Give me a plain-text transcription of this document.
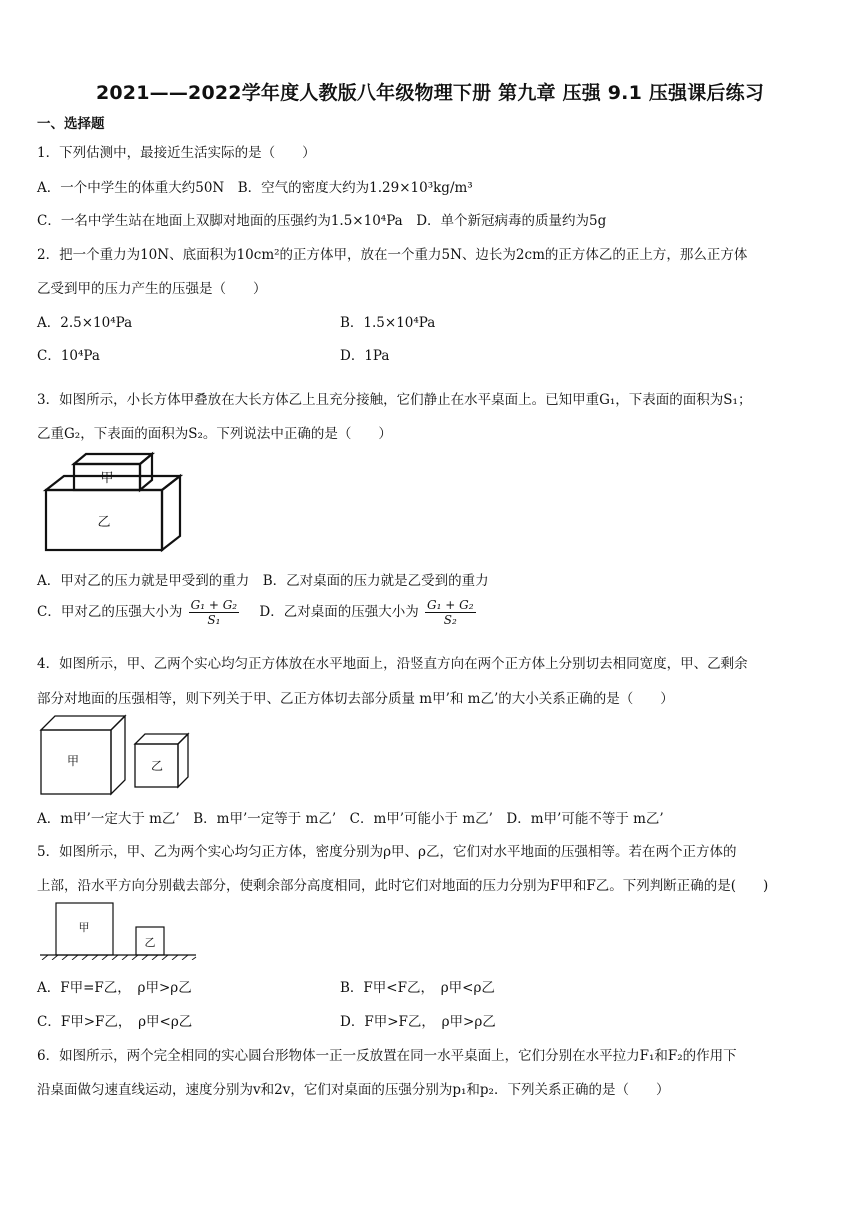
2021——2022学年度人教版八年级物理下册 第九章 压强 9.1 压强课后练习
一、选择题
1．下列估测中，最接近生活实际的是（　　）
A．一个中学生的体重大约50N　B．空气的密度大约为1.29×10³kg/m³
C．一名中学生站在地面上双脚对地面的压强约为1.5×10⁴Pa　D．单个新冠病毒的质量约为5g
2．把一个重力为10N、底面积为10cm²的正方体甲，放在一个重力5N、边长为2cm的正方体乙的正上方，那么正方体
乙受到甲的压力产生的压强是（　　）
A．2.5×10⁴Pa	B．1.5×10⁴Pa
C．10⁴Pa	D．1Pa
3．如图所示，小长方体甲叠放在大长方体乙上且充分接触，它们静止在水平桌面上。已知甲重G₁，下表面的面积为S₁；
乙重G₂，下表面的面积为S₂。下列说法中正确的是（　　）
甲
乙
A．甲对乙的压力就是甲受到的重力　B．乙对桌面的压力就是乙受到的重力
C．甲对乙的压强大小为 $\frac{\text{G₁ + G₂}}{\text{S₁}}$ D．乙对桌面的压强大小为 $\frac{\text{G₁ + G₂}}{\text{S₂}}$
4．如图所示，甲、乙两个实心均匀正方体放在水平地面上，沿竖直方向在两个正方体上分别切去相同宽度，甲、乙剩余
部分对地面的压强相等，则下列关于甲、乙正方体切去部分质量 m甲’和 m乙’的大小关系正确的是（　　）
甲	乙
A．m甲’一定大于 m乙’　B．m甲’一定等于 m乙’　C．m甲’可能小于 m乙’　D．m甲’可能不等于 m乙’
5．如图所示，甲、乙为两个实心均匀正方体，密度分别为ρ甲、ρ乙，它们对水平地面的压强相等。若在两个正方体的
上部，沿水平方向分别截去部分，使剩余部分高度相同，此时它们对地面的压力分别为F甲和F乙。下列判断正确的是(　　)
甲
乙
A．F甲=F乙，　ρ甲>ρ乙	B．F甲<F乙，　ρ甲<ρ乙
C．F甲>F乙，　ρ甲<ρ乙	D．F甲>F乙，　ρ甲>ρ乙
6．如图所示，两个完全相同的实心圆台形物体一正一反放置在同一水平桌面上，它们分别在水平拉力F₁和F₂的作用下
沿桌面做匀速直线运动，速度分别为v和2v，它们对桌面的压强分别为p₁和p₂．下列关系正确的是（　　）
